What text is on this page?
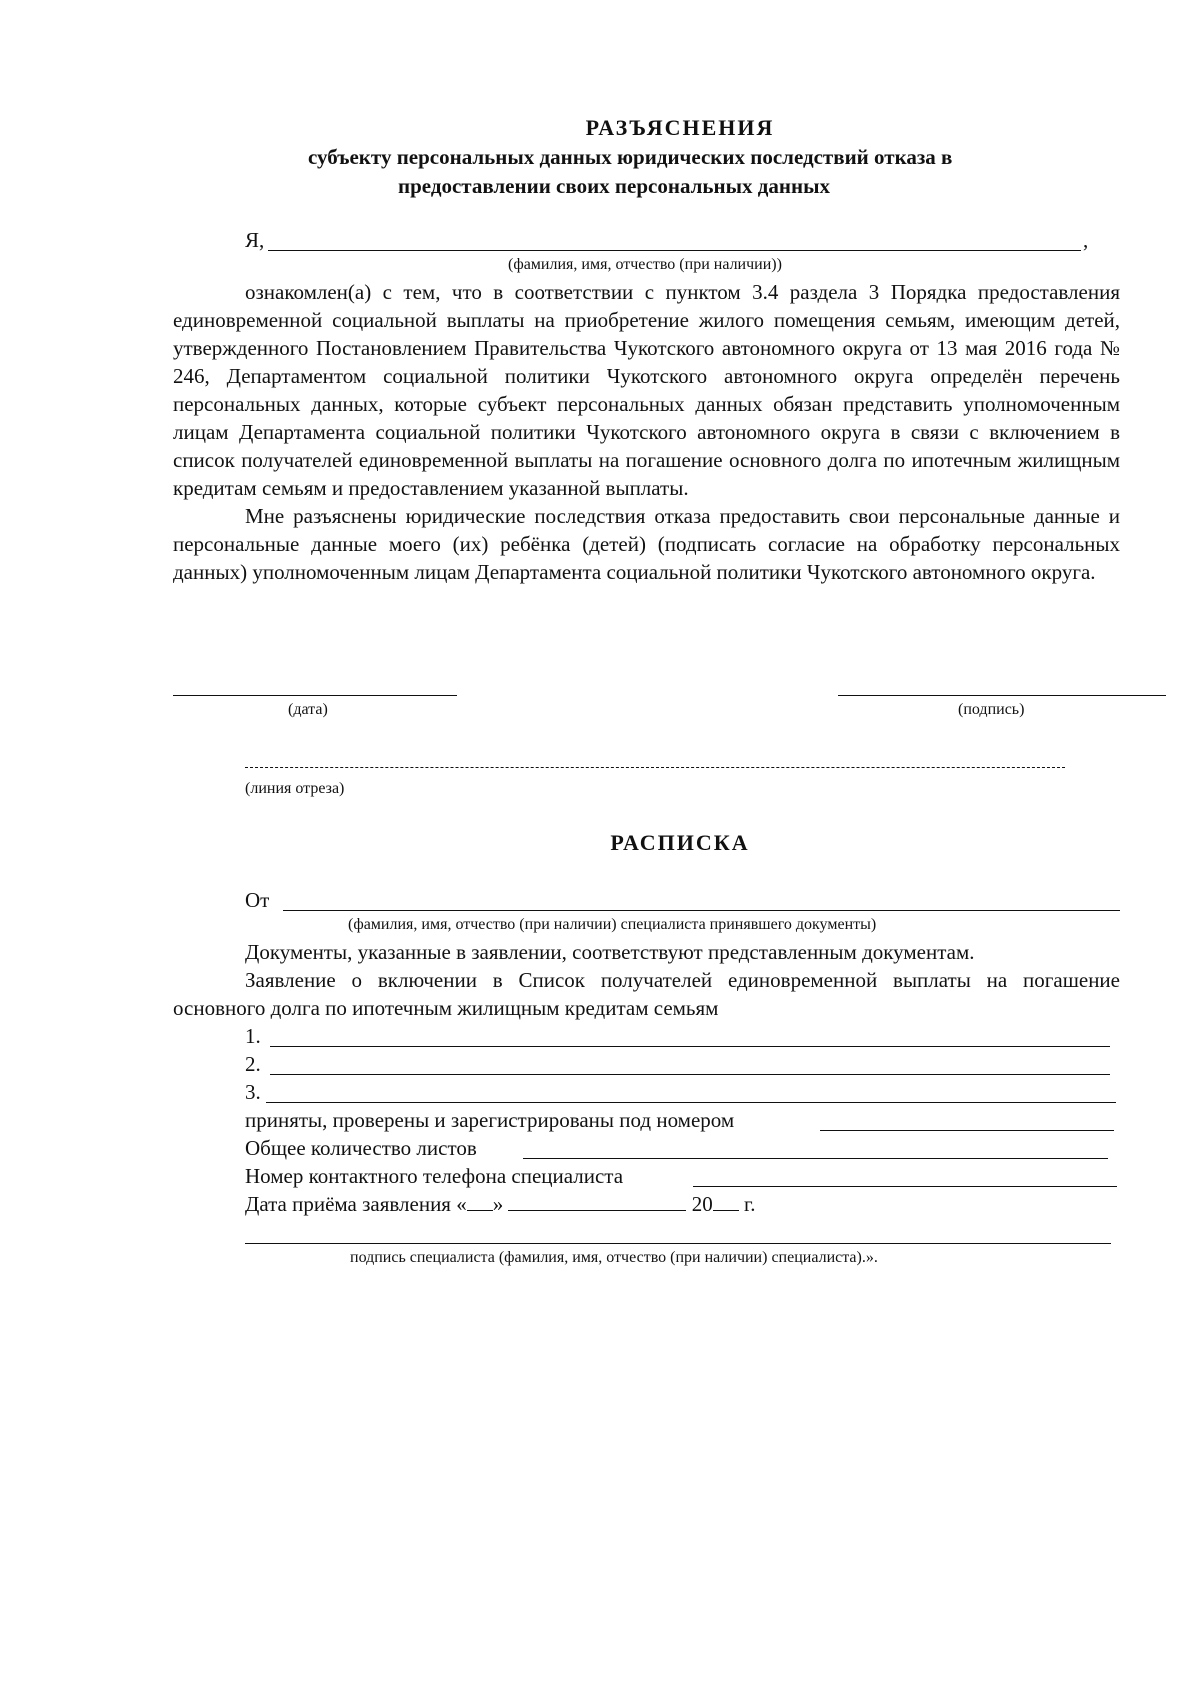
РАЗЪЯСНЕНИЯ
субъекту персональных данных юридических последствий отказа в
предоставлении своих персональных данных
Я,	,
(фамилия, имя, отчество (при наличии))

ознакомлен(а) с тем, что в соответствии с пунктом 3.4 раздела 3 Порядка предоставления единовременной социальной выплаты на приобретение жилого помещения семьям, имеющим детей, утвержденного Постановлением Правительства Чукотского автономного округа от 13 мая 2016 года № 246, Департаментом социальной политики Чукотского автономного округа определён перечень персональных данных, которые субъект персональных данных обязан представить уполномоченным лицам Департамента социальной политики Чукотского автономного округа в связи с включением в список получателей единовременной выплаты на погашение основного долга по ипотечным жилищным кредитам семьям и предоставлением указанной выплаты.

Мне разъяснены юридические последствия отказа предоставить свои персональные данные и персональные данные моего (их) ребёнка (детей) (подписать согласие на обработку персональных данных) уполномоченным лицам Департамента социальной политики Чукотского автономного округа.

(дата)	(подпись)
(линия отреза)
РАСПИСКА
От
(фамилия, имя, отчество (при наличии) специалиста принявшего документы)
Документы, указанные в заявлении, соответствуют представленным документам.

Заявление о включении в Список получателей единовременной выплаты на погашение основного долга по ипотечным жилищным кредитам семьям

1.
2.
3.
приняты, проверены и зарегистрированы под номером
Общее количество листов
Номер контактного телефона специалиста
Дата приёма заявления « »	20 г.
подпись специалиста (фамилия, имя, отчество (при наличии) специалиста).».
